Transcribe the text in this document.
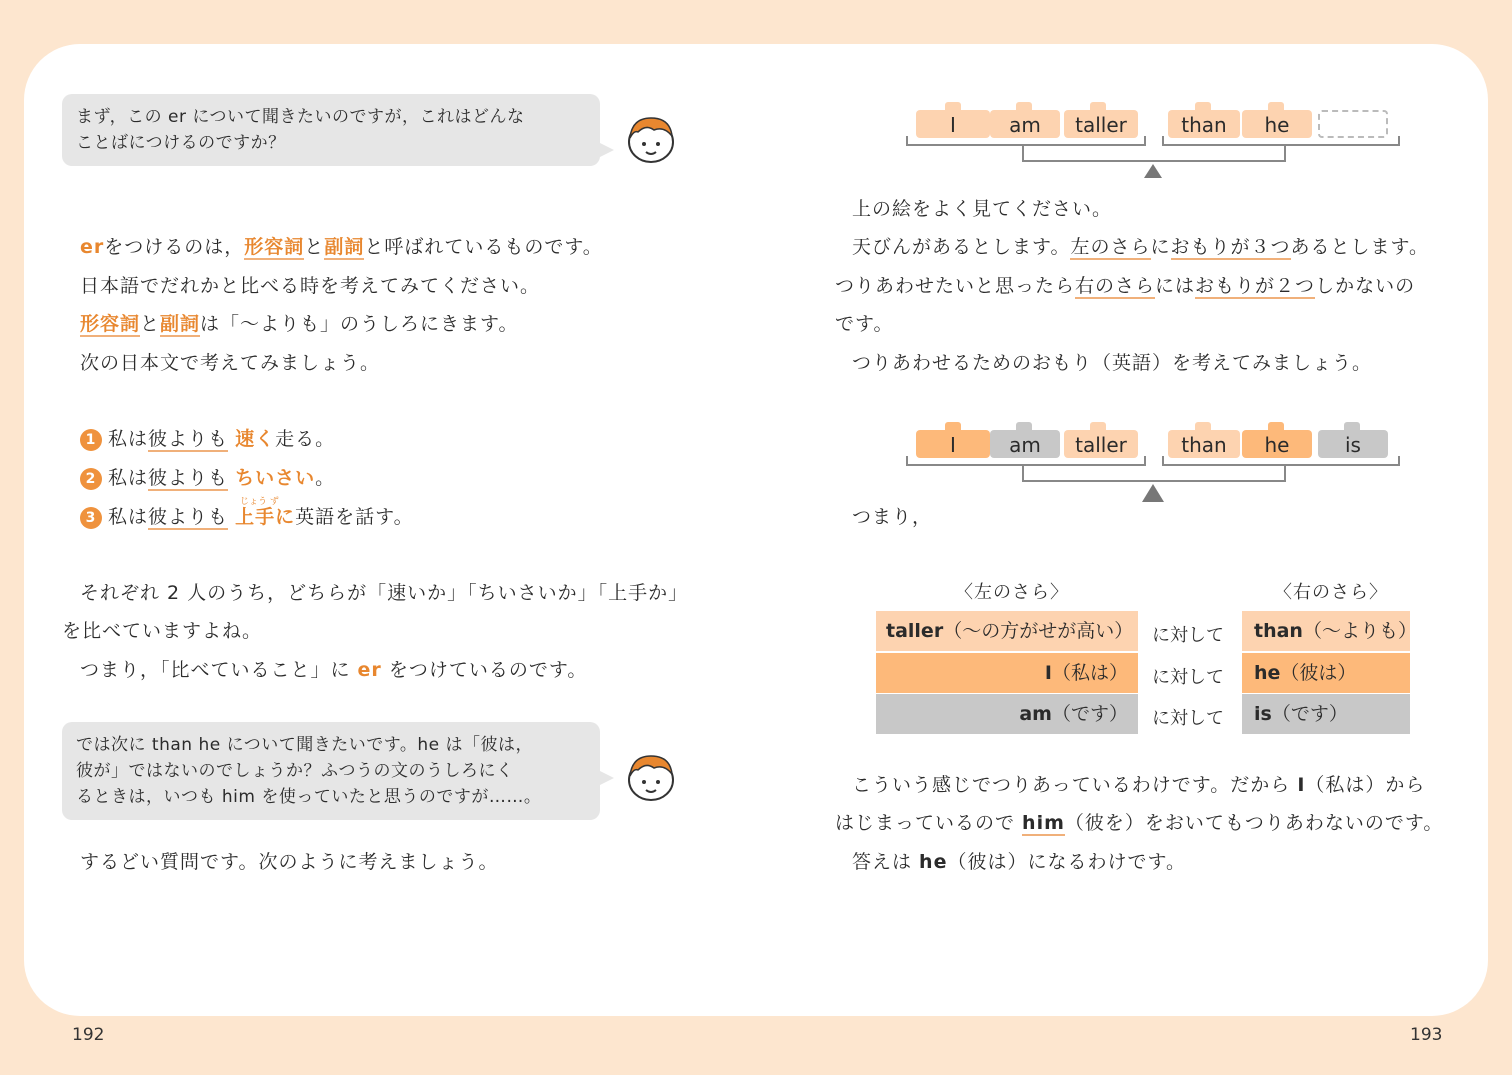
まず，この er について聞きたいのですが，これはどんな
ことばにつけるのですか？
erをつけるのは，形容詞と副詞と呼ばれているものです。
日本語でだれかと比べる時を考えてみてください。
形容詞と副詞は「～よりも」のうしろにきます。
次の日本文で考えてみましょう。
1 私は彼よりも 速く走る。
2 私は彼よりも ちいさい。
じょう ず
3 私は彼よりも 上手に英語を話す。
それぞれ 2 人のうち，どちらが「速いか」「ちいさいか」「上手か」
を比べていますよね。
つまり，「比べていること」に er をつけているのです。
では次に than he について聞きたいです。he は「彼は，
彼が」ではないのでしょうか？ふつうの文のうしろにく
るときは，いつも him を使っていたと思うのですが……。
するどい質問です。次のように考えましょう。
192
I	am	taller	than	he
上の絵をよく見てください。
天びんがあるとします。左のさらにおもりが３つあるとします。
つりあわせたいと思ったら右のさらにはおもりが２つしかないの
です。
つりあわせるためのおもり（英語）を考えてみましょう。
I	am	taller	than	he	is
つまり，
〈左のさら〉	〈右のさら〉
taller（～の方がせが高い）	に対して	than（～よりも）
I（私は）	に対して	he（彼は）
am（です）	に対して	is（です）
こういう感じでつりあっているわけです。だから I（私は）から
はじまっているので him（彼を）をおいてもつりあわないのです。
答えは he（彼は）になるわけです。
193
